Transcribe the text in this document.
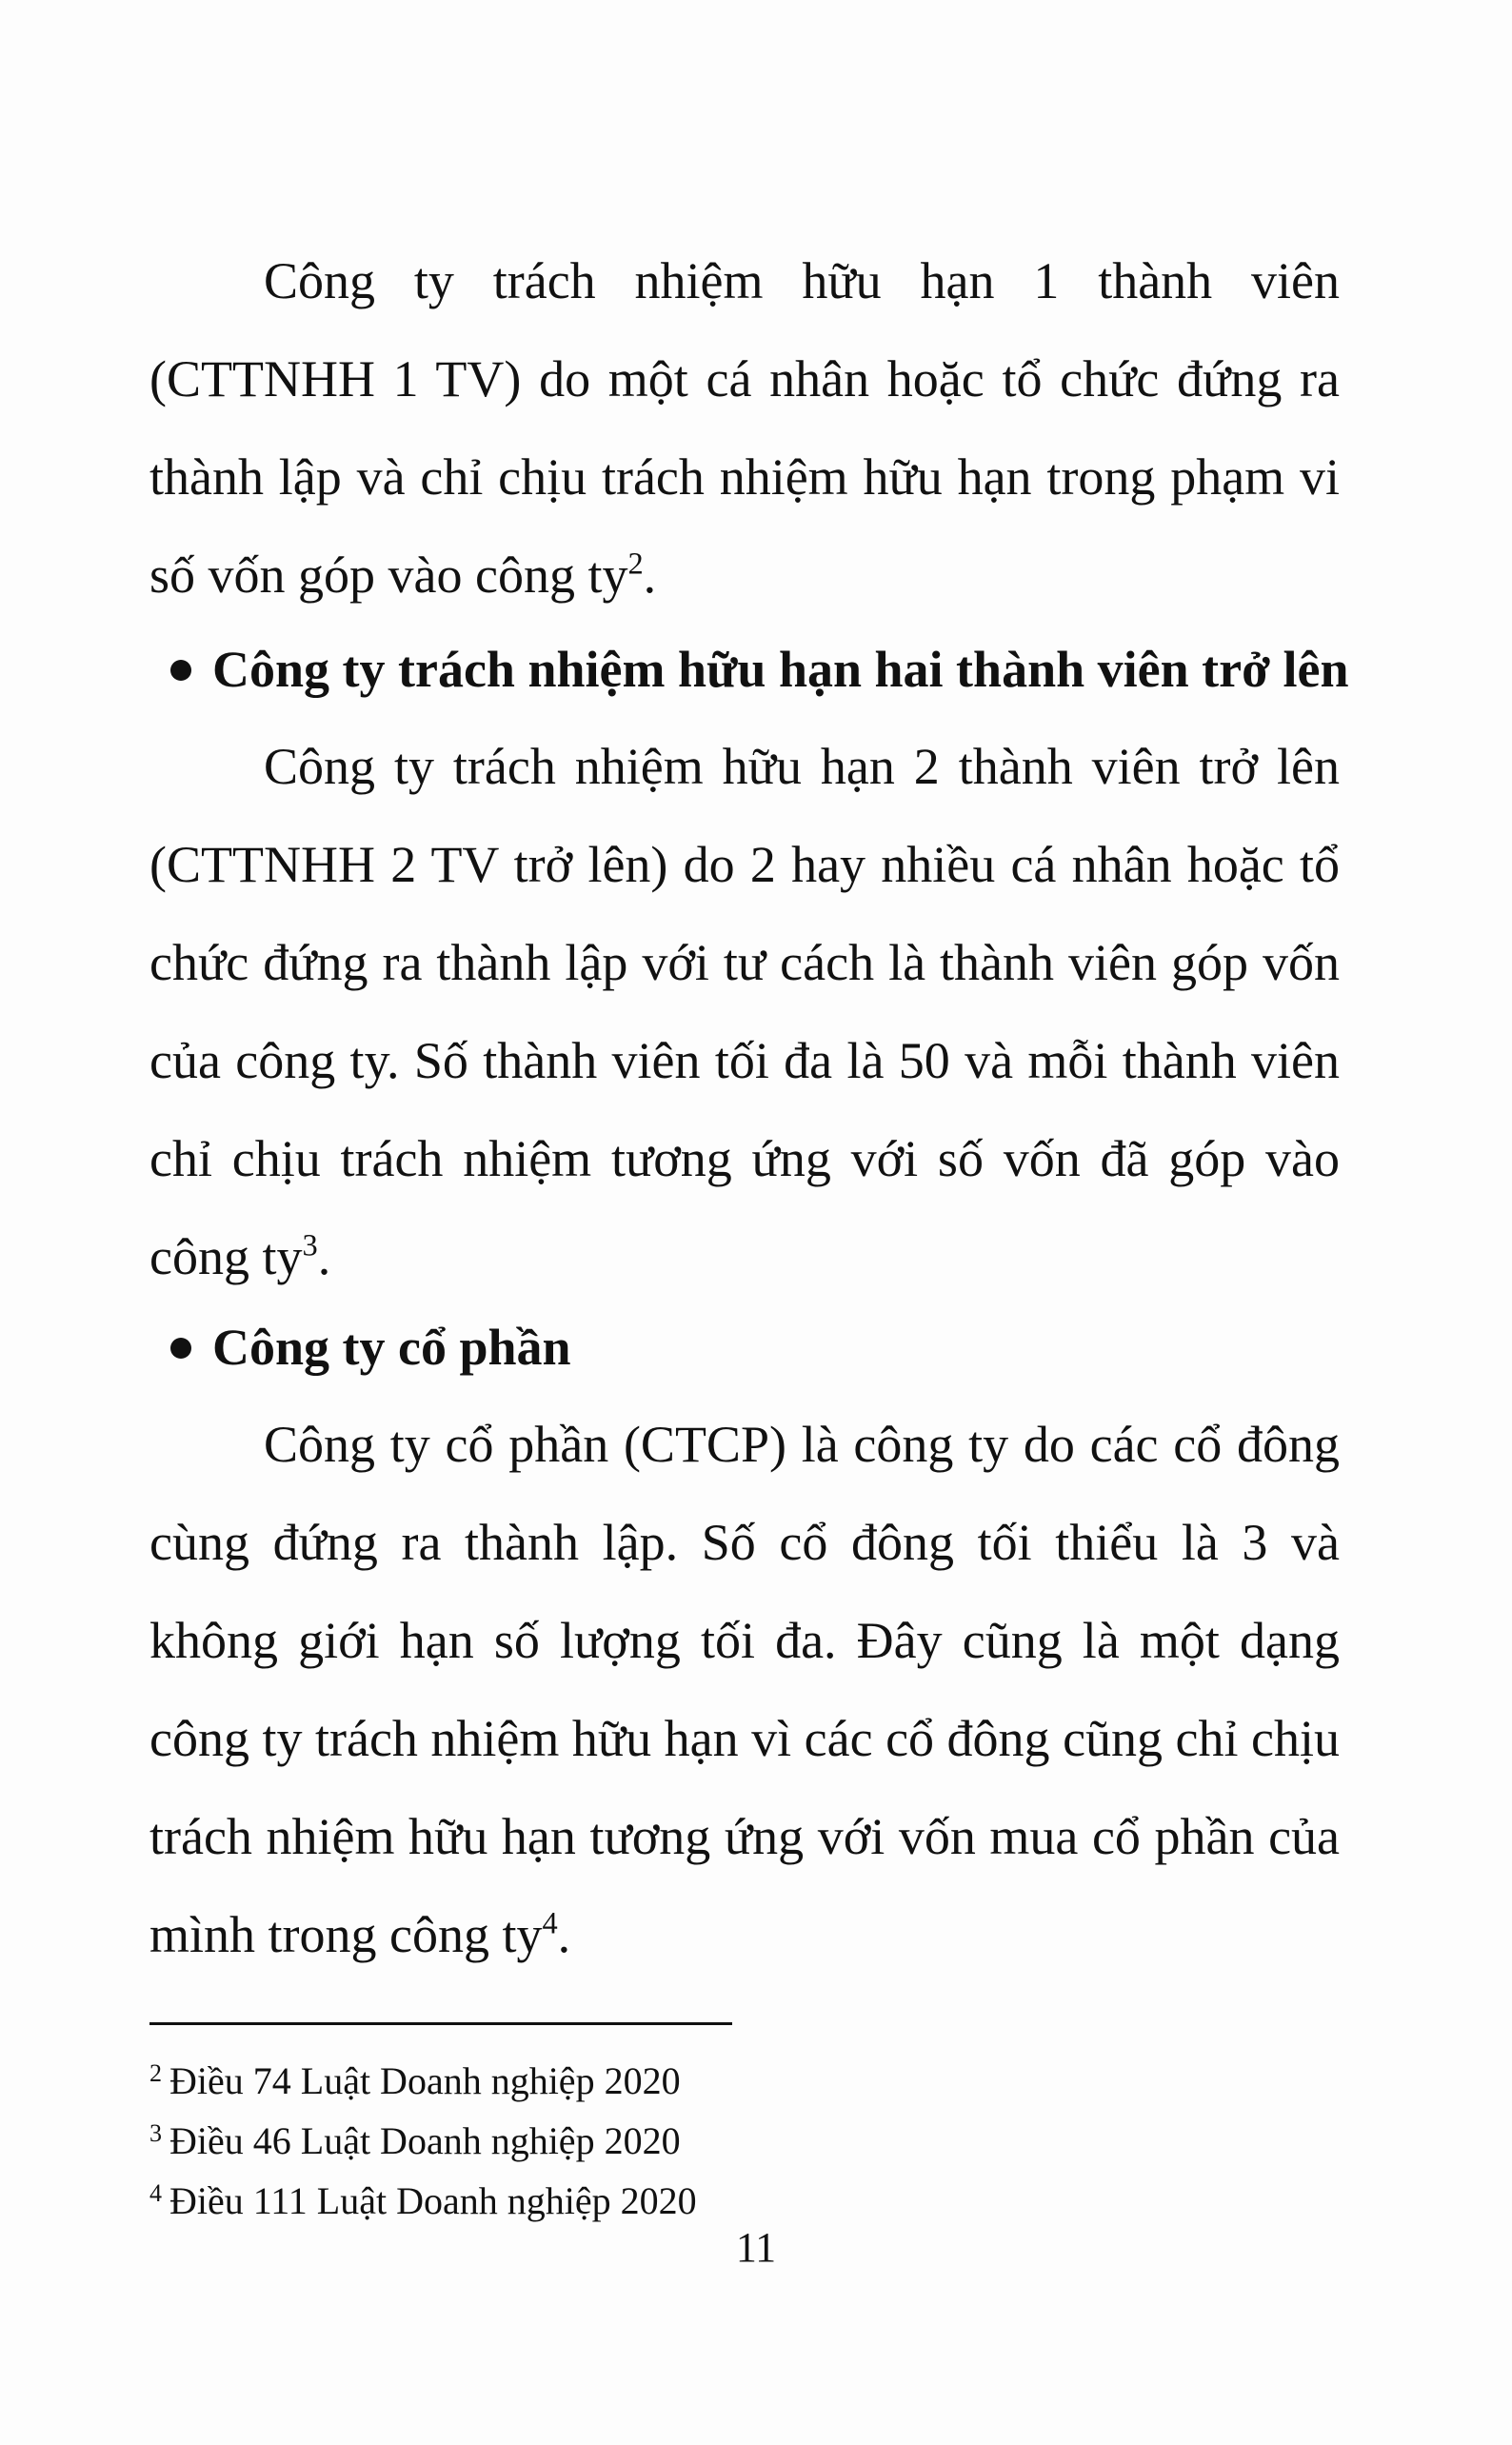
Công ty trách nhiệm hữu hạn 1 thành viên (CTTNHH 1 TV) do một cá nhân hoặc tổ chức đứng ra thành lập và chỉ chịu trách nhiệm hữu hạn trong phạm vi số vốn góp vào công ty$^2$.

Công ty trách nhiệm hữu hạn hai thành viên trở lên

Công ty trách nhiệm hữu hạn 2 thành viên trở lên (CTTNHH 2 TV trở lên) do 2 hay nhiều cá nhân hoặc tổ chức đứng ra thành lập với tư cách là thành viên góp vốn của công ty. Số thành viên tối đa là 50 và mỗi thành viên chỉ chịu trách nhiệm tương ứng với số vốn đã góp vào công ty$^3$.

Công ty cổ phần

Công ty cổ phần (CTCP) là công ty do các cổ đông cùng đứng ra thành lập. Số cổ đông tối thiểu là 3 và không giới hạn số lượng tối đa. Đây cũng là một dạng công ty trách nhiệm hữu hạn vì các cổ đông cũng chỉ chịu trách nhiệm hữu hạn tương ứng với vốn mua cổ phần của mình trong công ty$^4$.

$^2$ Điều 74 Luật Doanh nghiệp 2020

$^3$ Điều 46 Luật Doanh nghiệp 2020

$^4$ Điều 111 Luật Doanh nghiệp 2020

11
